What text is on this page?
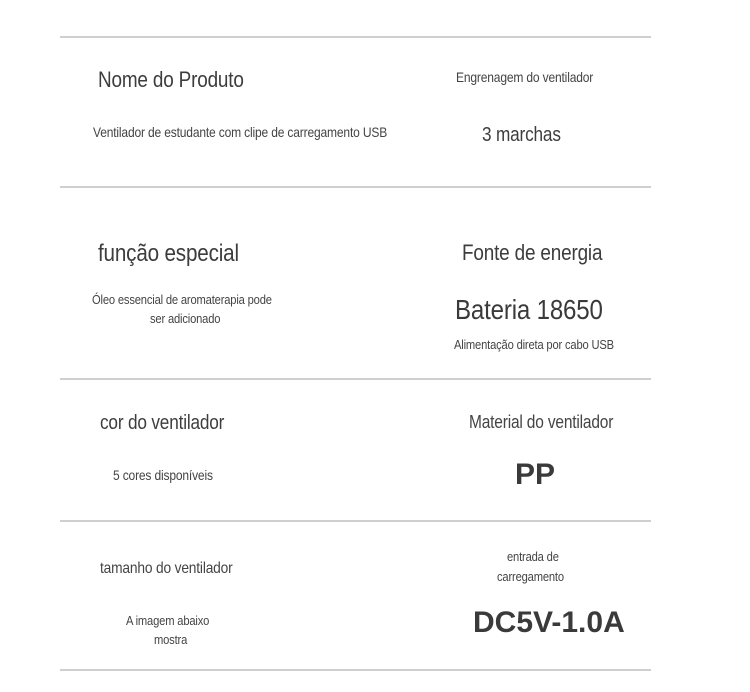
Nome do Produto
Ventilador de estudante com clipe de carregamento USB
Engrenagem do ventilador
3 marchas
função especial
Óleo essencial de aromaterapia pode
ser adicionado
Fonte de energia
Bateria 18650
Alimentação direta por cabo USB
cor do ventilador
5 cores disponíveis
Material do ventilador
PP
tamanho do ventilador
A imagem abaixo
mostra
entrada de
carregamento
DC5V-1.0A
